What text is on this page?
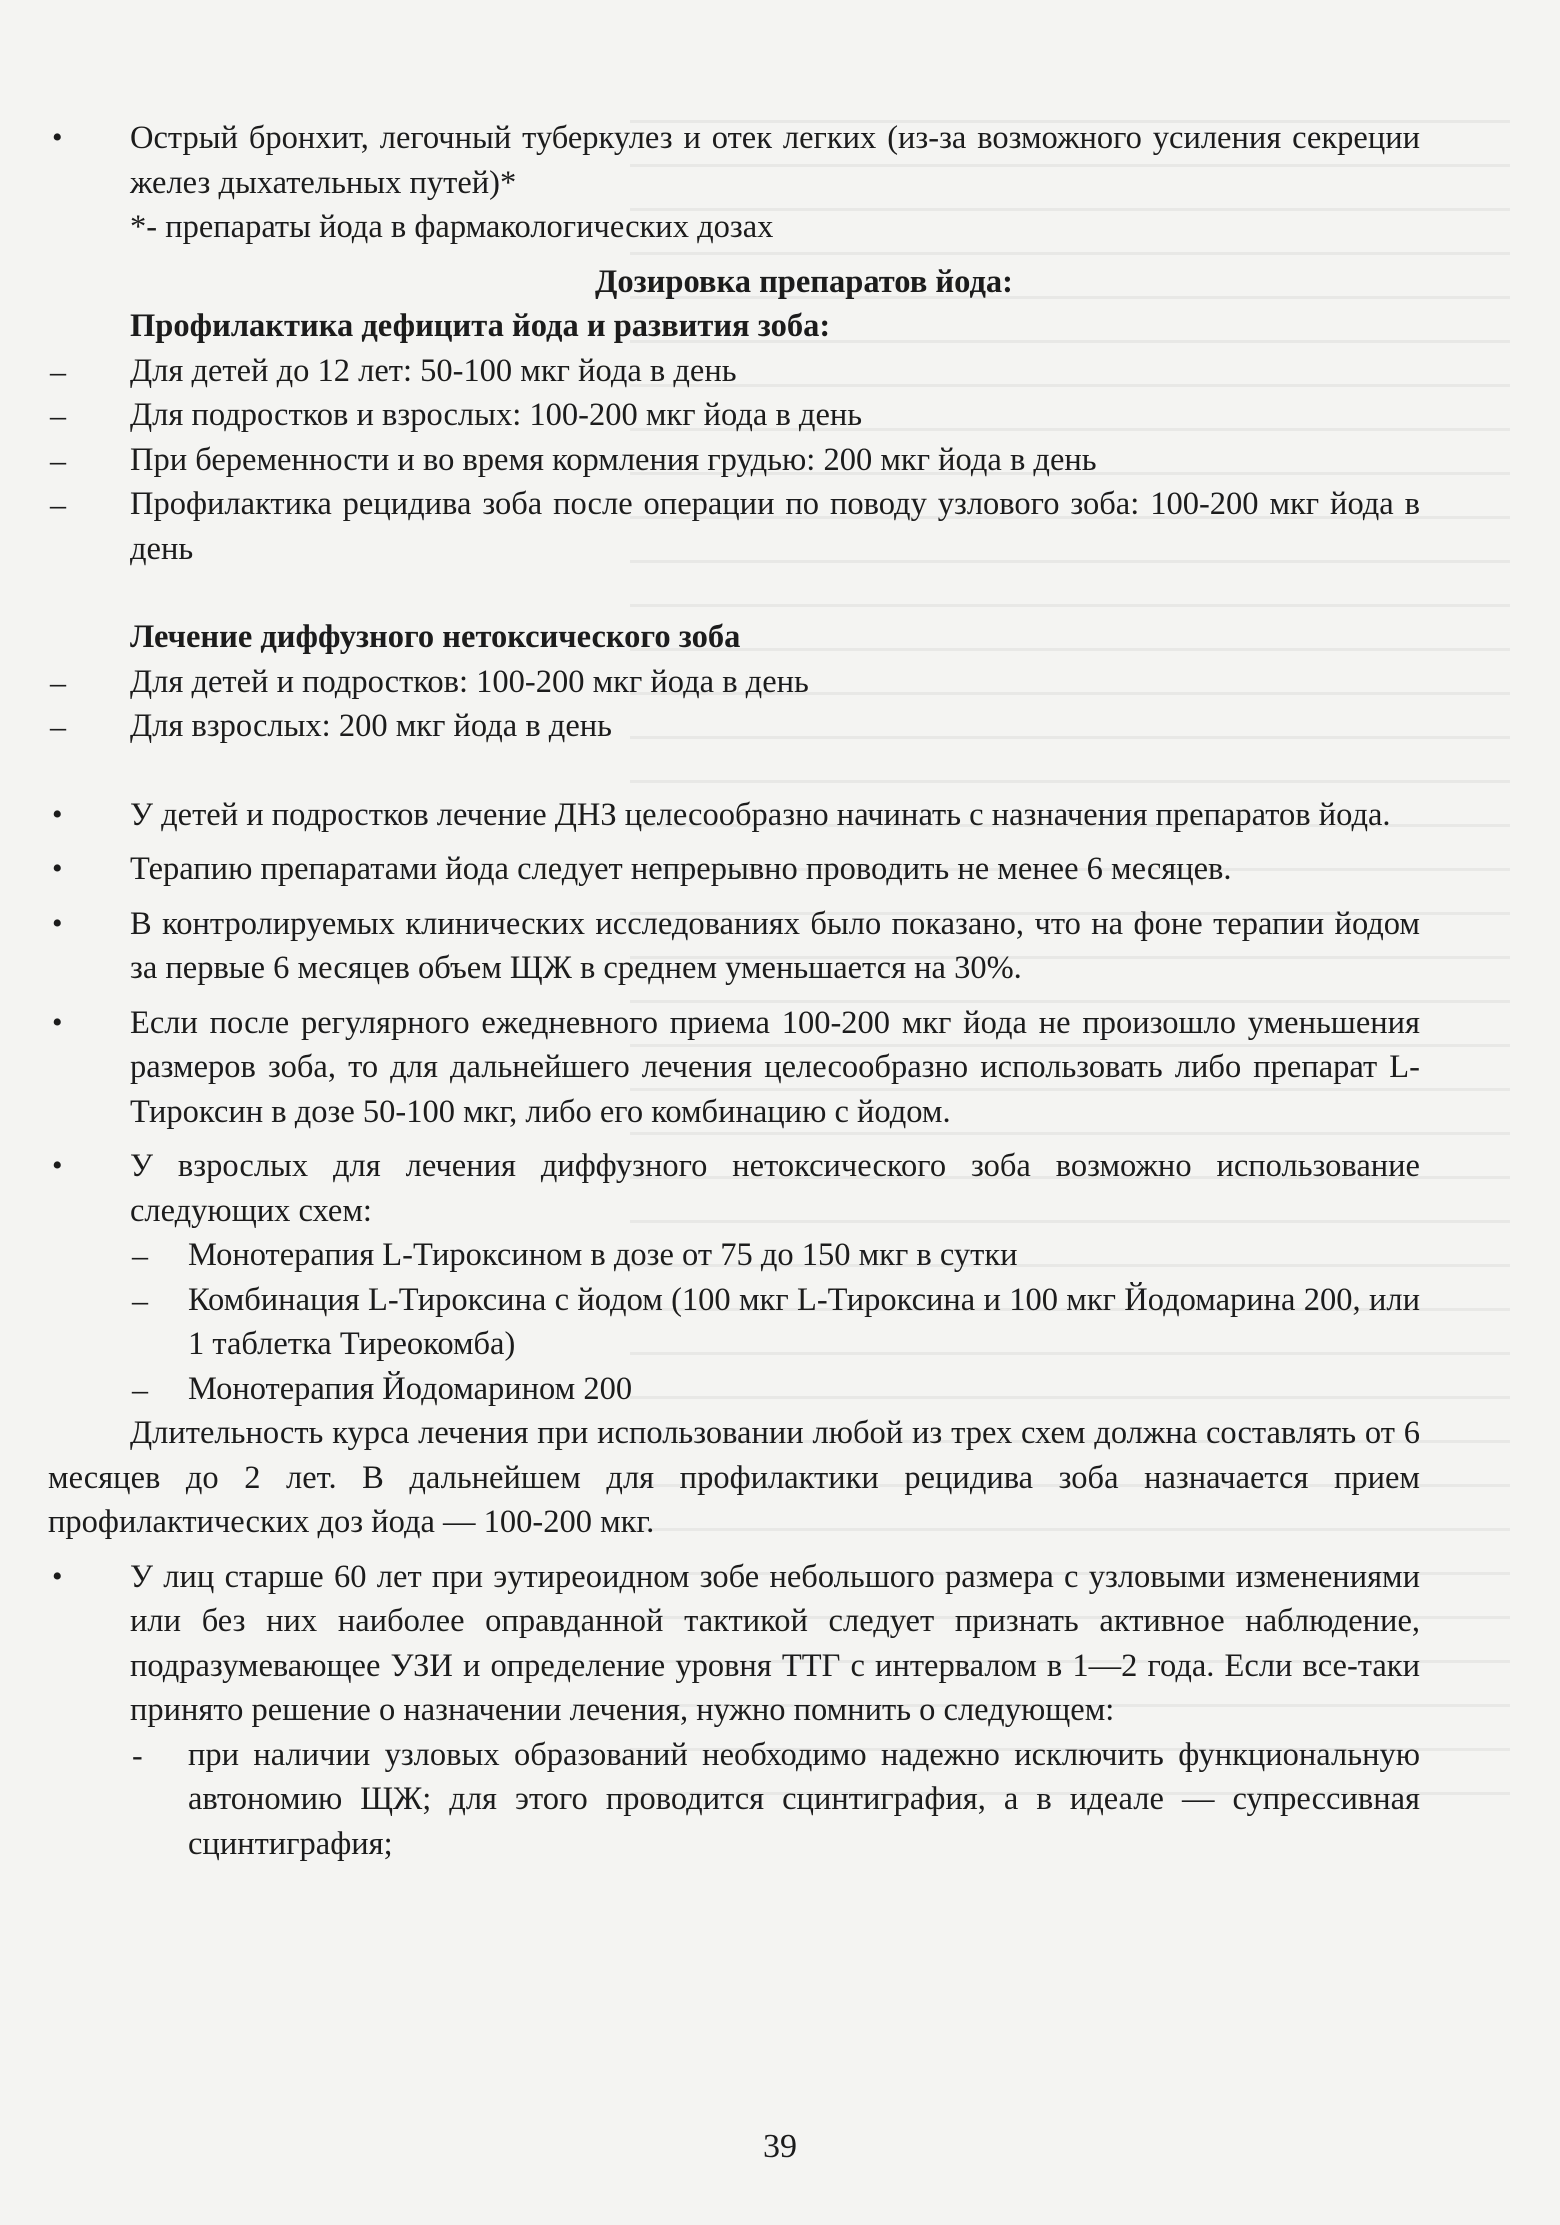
•	Острый бронхит, легочный туберкулез и отек легких (из-за возможного усиления секреции желез дыхательных путей)*
*- препараты йода в фармакологических дозах
Дозировка препаратов йода:
Профилактика дефицита йода и развития зоба:
–	Для детей до 12 лет: 50-100 мкг йода в день
–	Для подростков и взрослых: 100-200 мкг йода в день
–	При беременности и во время кормления грудью: 200 мкг йода в день
–	Профилактика рецидива зоба после операции по поводу узлового зоба: 100-200 мкг йода в день
Лечение диффузного нетоксического зоба
–	Для детей и подростков: 100-200 мкг йода в день
–	Для взрослых: 200 мкг йода в день
•	У детей и подростков лечение ДНЗ целесообразно начинать с назначения препаратов йода.
•	Терапию препаратами йода следует непрерывно проводить не менее 6 месяцев.
•	В контролируемых клинических исследованиях было показано, что на фоне терапии йодом за первые 6 месяцев объем ЩЖ в среднем уменьшается на 30%.
•	Если после регулярного ежедневного приема 100-200 мкг йода не произошло уменьшения размеров зоба, то для дальнейшего лечения целесообразно использовать либо препарат L-Тироксин в дозе 50-100 мкг, либо его комбинацию с йодом.
•	У взрослых для лечения диффузного нетоксического зоба возможно использование следующих схем:
–	Монотерапия L-Тироксином в дозе от 75 до 150 мкг в сутки
–	Комбинация L-Тироксина с йодом (100 мкг L-Тироксина и 100 мкг Йодомарина 200, или 1 таблетка Тиреокомба)
–	Монотерапия Йодомарином 200
Длительность курса лечения при использовании любой из трех схем должна составлять от 6 месяцев до 2 лет. В дальнейшем для профилактики рецидива зоба назначается прием профилактических доз йода — 100-200 мкг.
•	У лиц старше 60 лет при эутиреоидном зобе небольшого размера с узловыми изменениями или без них наиболее оправданной тактикой следует признать активное наблюдение, подразумевающее УЗИ и определение уровня ТТГ с интервалом в 1—2 года. Если все-таки принято решение о назначении лечения, нужно помнить о следующем:
-	при наличии узловых образований необходимо надежно исключить функциональную автономию ЩЖ; для этого проводится сцинтиграфия, а в идеале — супрессивная сцинтиграфия;
39
